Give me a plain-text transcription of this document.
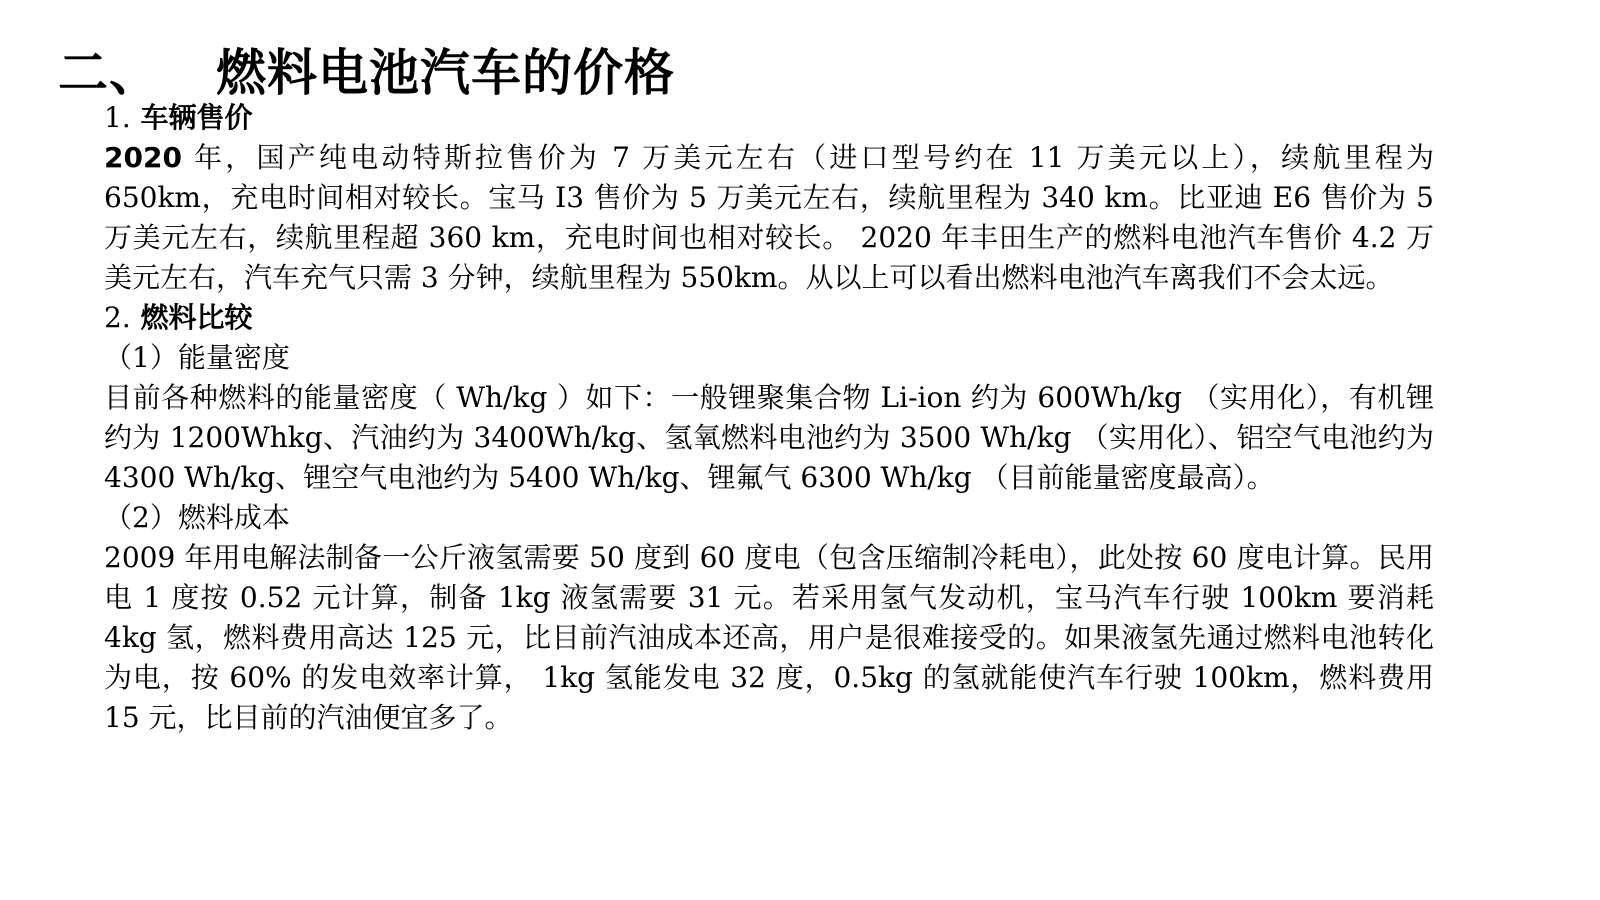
二、 燃料电池汽车的价格

1. 车辆售价

2020 年，国产纯电动特斯拉售价为 7 万美元左右（进口型号约在 11 万美元以上），续航里程为 650km，充电时间相对较长。宝马 I3 售价为 5 万美元左右，续航里程为 340 km。比亚迪 E6 售价为 5 万美元左右，续航里程超 360 km，充电时间也相对较长。 2020 年丰田生产的燃料电池汽车售价 4.2 万美元左右，汽车充气只需 3 分钟，续航里程为 550km。从以上可以看出燃料电池汽车离我们不会太远。

2. 燃料比较

（1）能量密度

目前各种燃料的能量密度（ Wh/kg ）如下：一般锂聚集合物 Li-ion 约为 600Wh/kg （实用化），有机锂约为 1200Whkg、汽油约为 3400Wh/kg、氢氧燃料电池约为 3500 Wh/kg （实用化）、铝空气电池约为 4300 Wh/kg、锂空气电池约为 5400 Wh/kg、锂氟气 6300 Wh/kg （目前能量密度最高）。

（2）燃料成本

2009 年用电解法制备一公斤液氢需要 50 度到 60 度电（包含压缩制冷耗电），此处按 60 度电计算。民用电 1 度按 0.52 元计算，制备 1kg 液氢需要 31 元。若采用氢气发动机，宝马汽车行驶 100km 要消耗 4kg 氢，燃料费用高达 125 元，比目前汽油成本还高，用户是很难接受的。如果液氢先通过燃料电池转化为电，按 60% 的发电效率计算， 1kg 氢能发电 32 度，0.5kg 的氢就能使汽车行驶 100km，燃料费用 15 元，比目前的汽油便宜多了。
